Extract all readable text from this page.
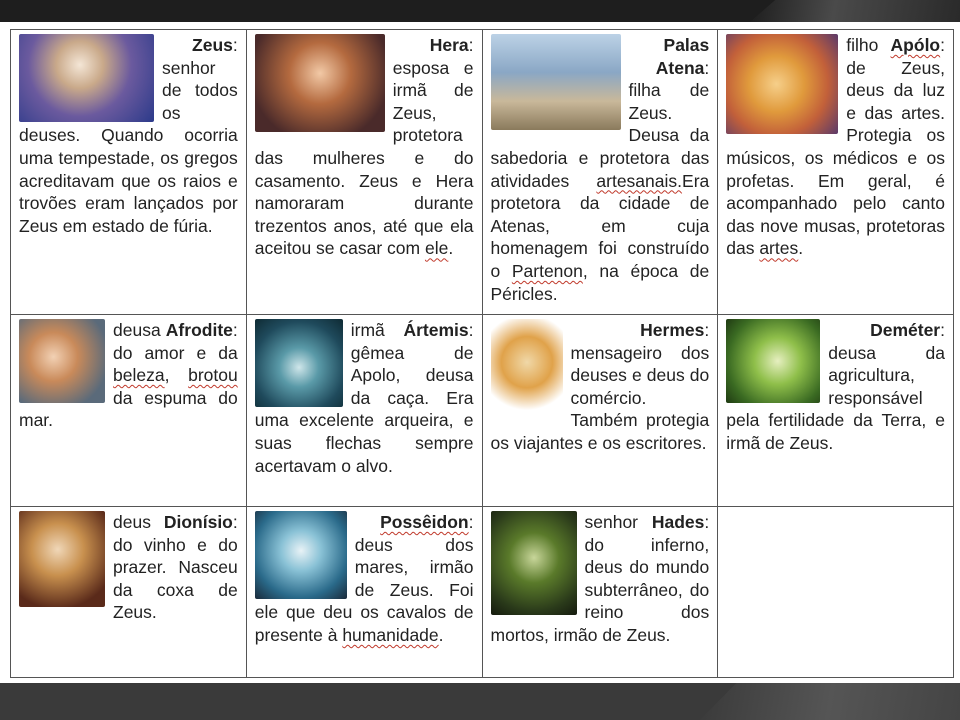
Zeus:
senhor de todos os deuses. Quando ocorria uma tempestade, os gregos acreditavam que os raios e trovões eram lançados por Zeus em estado de fúria.	Hera:
esposa e irmã de Zeus, protetora das mulheres e do casamento. Zeus e Hera namoraram durante trezentos anos, até que ela aceitou se casar com ele.	Palas
Atena:
filha de Zeus. Deusa da sabedoria e protetora das atividades artesanais.Era protetora da cidade de Atenas, em cuja homenagem foi construído o Partenon, na época de Péricles.	Apólo:
filho de Zeus, deus da luz e das artes. Protegia os músicos, os médicos e os profetas. Em geral, é acompanhado pelo canto das nove musas, protetoras das artes.

Afrodite:
deusa do amor e da beleza, brotou da espuma do mar.	Ártemis:
irmã gêmea de Apolo, deusa da caça. Era uma excelente arqueira, e suas flechas sempre acertavam o alvo.	Hermes:
mensageiro dos deuses e deus do comércio. Também protegia os viajantes e os escritores.	Deméter:
deusa da agricultura, responsável pela fertilidade da Terra, e irmã de Zeus.

Dionísio:
deus do vinho e do prazer. Nasceu da coxa de Zeus.	Possêidon:
deus dos mares, irmão de Zeus. Foi ele que deu os cavalos de presente à humanidade.	Hades:
senhor do inferno, deus do mundo subterrâneo, do reino dos mortos, irmão de Zeus.	
